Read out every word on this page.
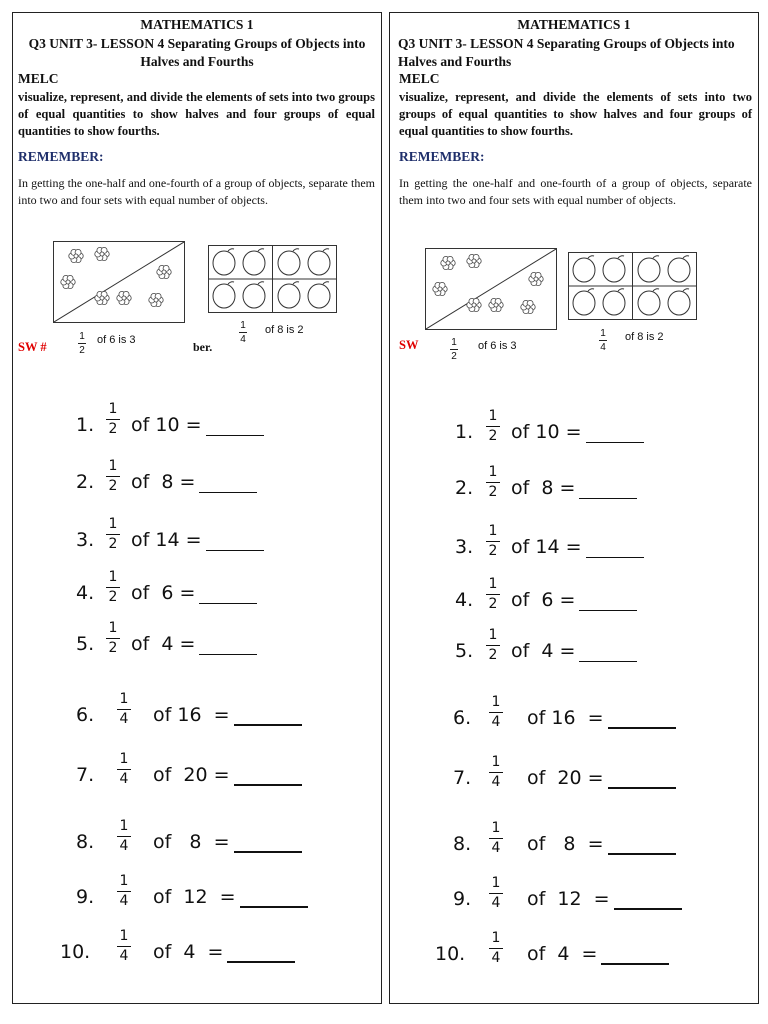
MATHEMATICS 1
Q3 UNIT 3- LESSON 4 Separating Groups of Objects into Halves and Fourths
MELC
visualize, represent, and divide the elements of sets into two groups of equal quantities to show halves and four groups of equal quantities to show fourths.
REMEMBER:
In getting the one-half and one-fourth of a group of objects, separate them into two and four sets with equal number of objects.
SW #
1
2
of 6 is 3	ber.
1
4
of 8 is 2
1.
1
2 of 10 =
2.
1
2 of  8 =
3.
1
2 of 14 =
4.
1
2 of  6 =
5.
1
2 of  4 =
6.
1
4 of 16  =
7.
1
4 of  20 =
8.
1
4 of   8  =
9.
1
4 of  12  =
10.
1
4 of  4  =
MATHEMATICS 1
Q3 UNIT 3- LESSON 4 Separating Groups of Objects into Halves and Fourths
MELC
visualize, represent, and divide the elements of sets into two groups of equal quantities to show halves and four groups of equal quantities to show fourths.
REMEMBER:
In getting the one-half and one-fourth of a group of objects, separate them into two and four sets with equal number of objects.
SW	1
2
of 6 is 3
1
4
of 8 is 2
1.
1
2 of 10 =
2.
1
2 of  8 =
3.
1
2 of 14 =
4.
1
2 of  6 =
5.
1
2 of  4 =
6.
1
4 of 16  =
7.
1
4 of  20 =
8.
1
4 of   8  =
9.
1
4 of  12  =
10.
1
4 of  4  =
